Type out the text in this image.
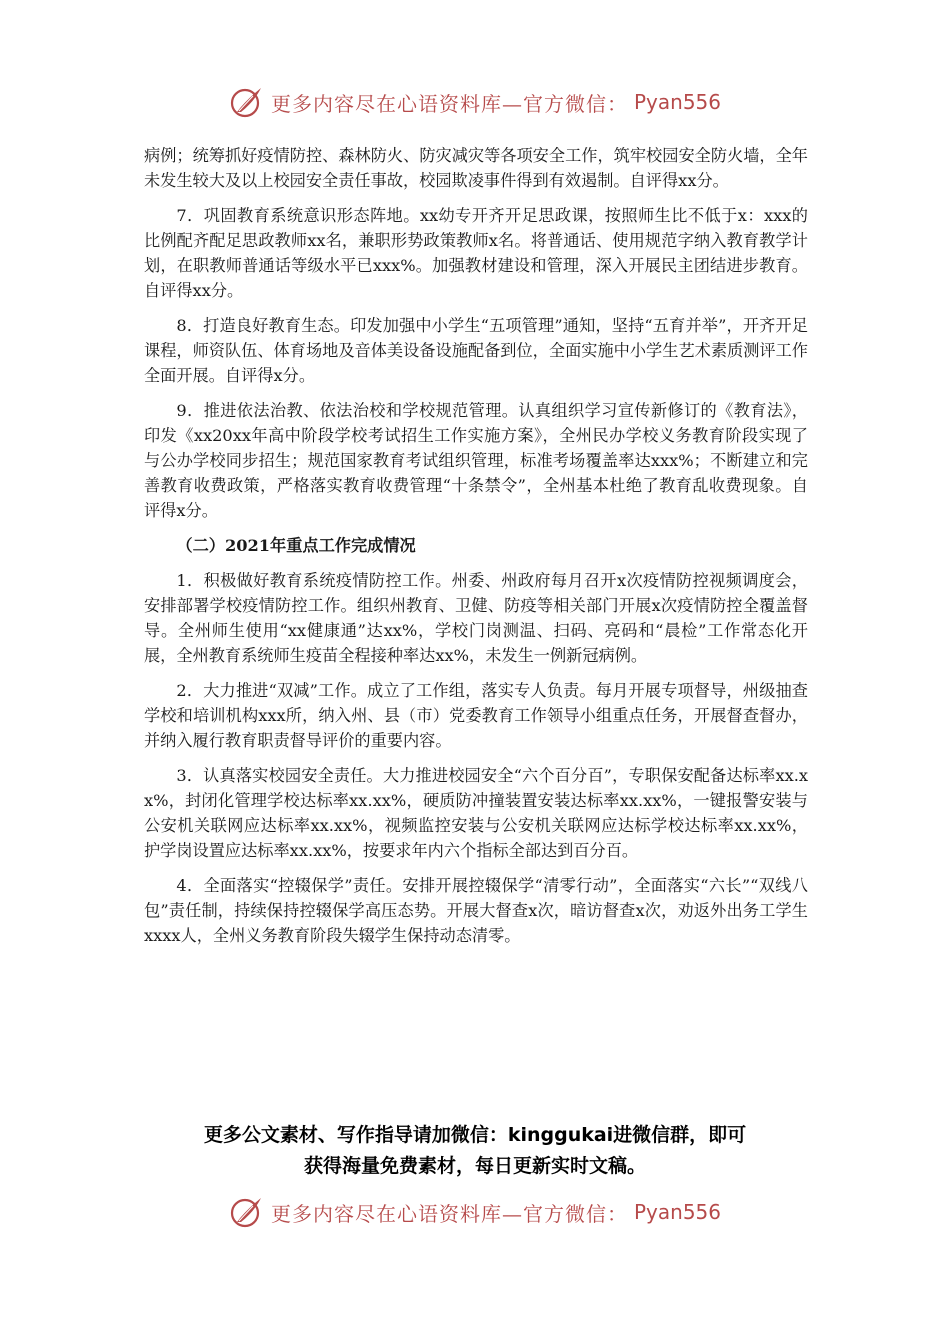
更多内容尽在心语资料库—官方微信： Pyan556

病例；统筹抓好疫情防控、森林防火、防灾减灾等各项安全工作，筑牢校园安全防火墙，全年未发生较大及以上校园安全责任事故，校园欺凌事件得到有效遏制。自评得xx分。

7．巩固教育系统意识形态阵地。xx幼专开齐开足思政课，按照师生比不低于x：xxx的比例配齐配足思政教师xx名，兼职形势政策教师x名。将普通话、使用规范字纳入教育教学计划，在职教师普通话等级水平已xxx%。加强教材建设和管理，深入开展民主团结进步教育。自评得xx分。

8．打造良好教育生态。印发加强中小学生“五项管理”通知，坚持“五育并举”，开齐开足课程，师资队伍、体育场地及音体美设备设施配备到位，全面实施中小学生艺术素质测评工作全面开展。自评得x分。

9．推进依法治教、依法治校和学校规范管理。认真组织学习宣传新修订的《教育法》，印发《xx20xx年高中阶段学校考试招生工作实施方案》，全州民办学校义务教育阶段实现了与公办学校同步招生；规范国家教育考试组织管理，标准考场覆盖率达xxx%；不断建立和完善教育收费政策，严格落实教育收费管理“十条禁令”，全州基本杜绝了教育乱收费现象。自评得x分。

（二）2021年重点工作完成情况

1．积极做好教育系统疫情防控工作。州委、州政府每月召开x次疫情防控视频调度会，安排部署学校疫情防控工作。组织州教育、卫健、防疫等相关部门开展x次疫情防控全覆盖督导。全州师生使用“xx健康通”达xx%，学校门岗测温、扫码、亮码和“晨检”工作常态化开展，全州教育系统师生疫苗全程接种率达xx%，未发生一例新冠病例。

2．大力推进“双减”工作。成立了工作组，落实专人负责。每月开展专项督导，州级抽查学校和培训机构xxx所，纳入州、县（市）党委教育工作领导小组重点任务，开展督查督办，并纳入履行教育职责督导评价的重要内容。

3．认真落实校园安全责任。大力推进校园安全“六个百分百”，专职保安配备达标率xx.xx%，封闭化管理学校达标率xx.xx%，硬质防冲撞装置安装达标率xx.xx%，一键报警安装与公安机关联网应达标率xx.xx%，视频监控安装与公安机关联网应达标学校达标率xx.xx%，护学岗设置应达标率xx.xx%，按要求年内六个指标全部达到百分百。

4．全面落实“控辍保学”责任。安排开展控辍保学“清零行动”，全面落实“六长”“双线八包”责任制，持续保持控辍保学高压态势。开展大督查x次，暗访督查x次，劝返外出务工学生xxxx人，全州义务教育阶段失辍学生保持动态清零。

更多公文素材、写作指导请加微信：kinggukai进微信群，即可
获得海量免费素材，每日更新实时文稿。
更多内容尽在心语资料库—官方微信： Pyan556
